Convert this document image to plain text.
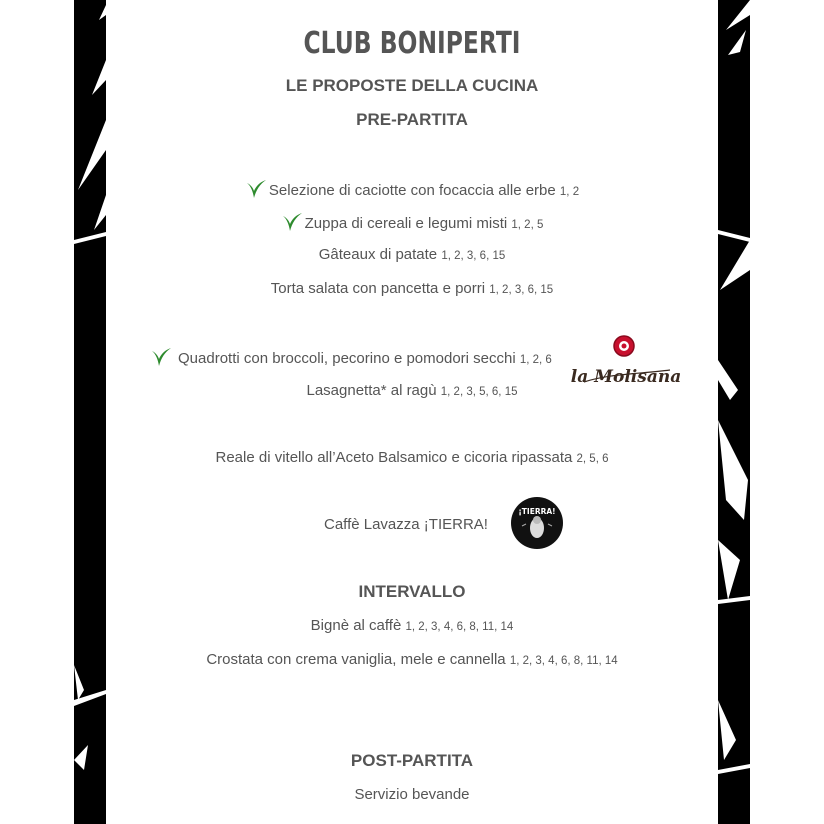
CLUB BONIPERTI
LE PROPOSTE DELLA CUCINA
PRE-PARTITA
Selezione di caciotte con focaccia alle erbe 1, 2
Zuppa di cereali e legumi misti 1, 2, 5
Gâteaux di patate 1, 2, 3, 6, 15
Torta salata con pancetta e porri 1, 2, 3, 6, 15
Quadrotti con broccoli, pecorino e pomodori secchi 1, 2, 6
Lasagnetta* al ragù 1, 2, 3, 5, 6, 15
la Molisana
Reale di vitello all’Aceto Balsamico e cicoria ripassata 2, 5, 6
Caffè Lavazza ¡TIERRA!
¡TIERRA!
INTERVALLO
Bignè al caffè 1, 2, 3, 4, 6, 8, 11, 14
Crostata con crema vaniglia, mele e cannella 1, 2, 3, 4, 6, 8, 11, 14
POST-PARTITA
Servizio bevande
